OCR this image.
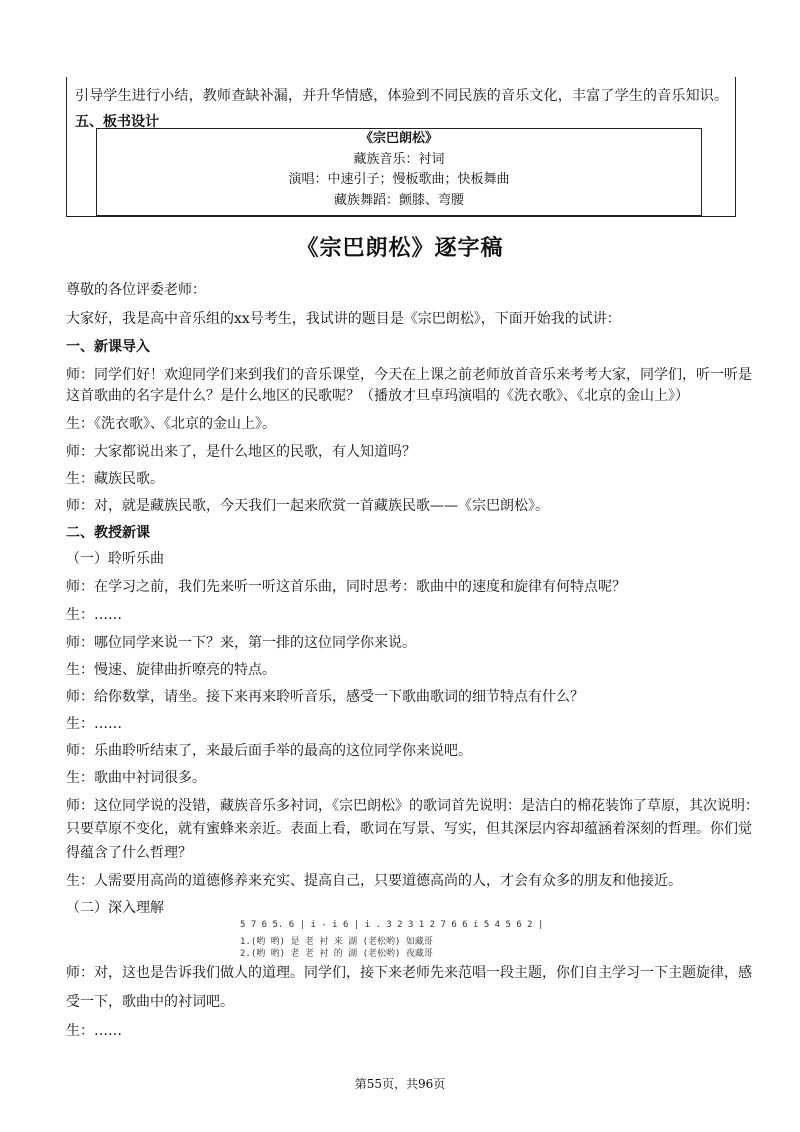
引导学生进行小结，教师查缺补漏，并升华情感，体验到不同民族的音乐文化，丰富了学生的音乐知识。
五、板书设计
《宗巴朗松》
藏族音乐：衬词
演唱：中速引子；慢板歌曲；快板舞曲
藏族舞蹈：颤膝、弯腰
《宗巴朗松》逐字稿
尊敬的各位评委老师：
大家好，我是高中音乐组的xx号考生，我试讲的题目是《宗巴朗松》，下面开始我的试讲：
一、新课导入
师：同学们好！欢迎同学们来到我们的音乐课堂，今天在上课之前老师放首音乐来考考大家，同学们，听一听是
这首歌曲的名字是什么？是什么地区的民歌呢？（播放才旦卓玛演唱的《洗衣歌》、《北京的金山上》）
生：《洗衣歌》、《北京的金山上》。
师：大家都说出来了，是什么地区的民歌，有人知道吗？
生：藏族民歌。
师：对，就是藏族民歌，今天我们一起来欣赏一首藏族民歌——《宗巴朗松》。
二、教授新课
（一）聆听乐曲
师：在学习之前，我们先来听一听这首乐曲，同时思考：歌曲中的速度和旋律有何特点呢？
生：……
师：哪位同学来说一下？来，第一排的这位同学你来说。
生：慢速、旋律曲折嘹亮的特点。
师：给你数掌，请坐。接下来再来聆听音乐，感受一下歌曲歌词的细节特点有什么？
生：……
师：乐曲聆听结束了，来最后面手举的最高的这位同学你来说吧。
生：歌曲中衬词很多。
师：这位同学说的没错，藏族音乐多衬词，《宗巴朗松》的歌词首先说明：是洁白的棉花装饰了草原，其次说明：
只要草原不变化，就有蜜蜂来亲近。表面上看，歌词在写景、写实，但其深层内容却蕴涵着深刻的哲理。你们觉
得蕴含了什么哲理？
生：人需要用高尚的道德修养来充实、提高自己，只要道德高尚的人，才会有众多的朋友和他接近。
（二）深入理解
5 7 6 5. 6 | i - i 6 | i . 3 2 3 1 2 7 6 6 i 5 4 5 6 2 |
1.(哟 哟) 是 老 衬 来 湖 (老松哟) 如藏哥
2.(哟 哟) 老 老 衬 的 湖 (老松哟) 夜藏哥
师：对，这也是告诉我们做人的道理。同学们，接下来老师先来范唱一段主题，你们自主学习一下主题旋律，感
受一下，歌曲中的衬词吧。
生：……
第55页，共96页
